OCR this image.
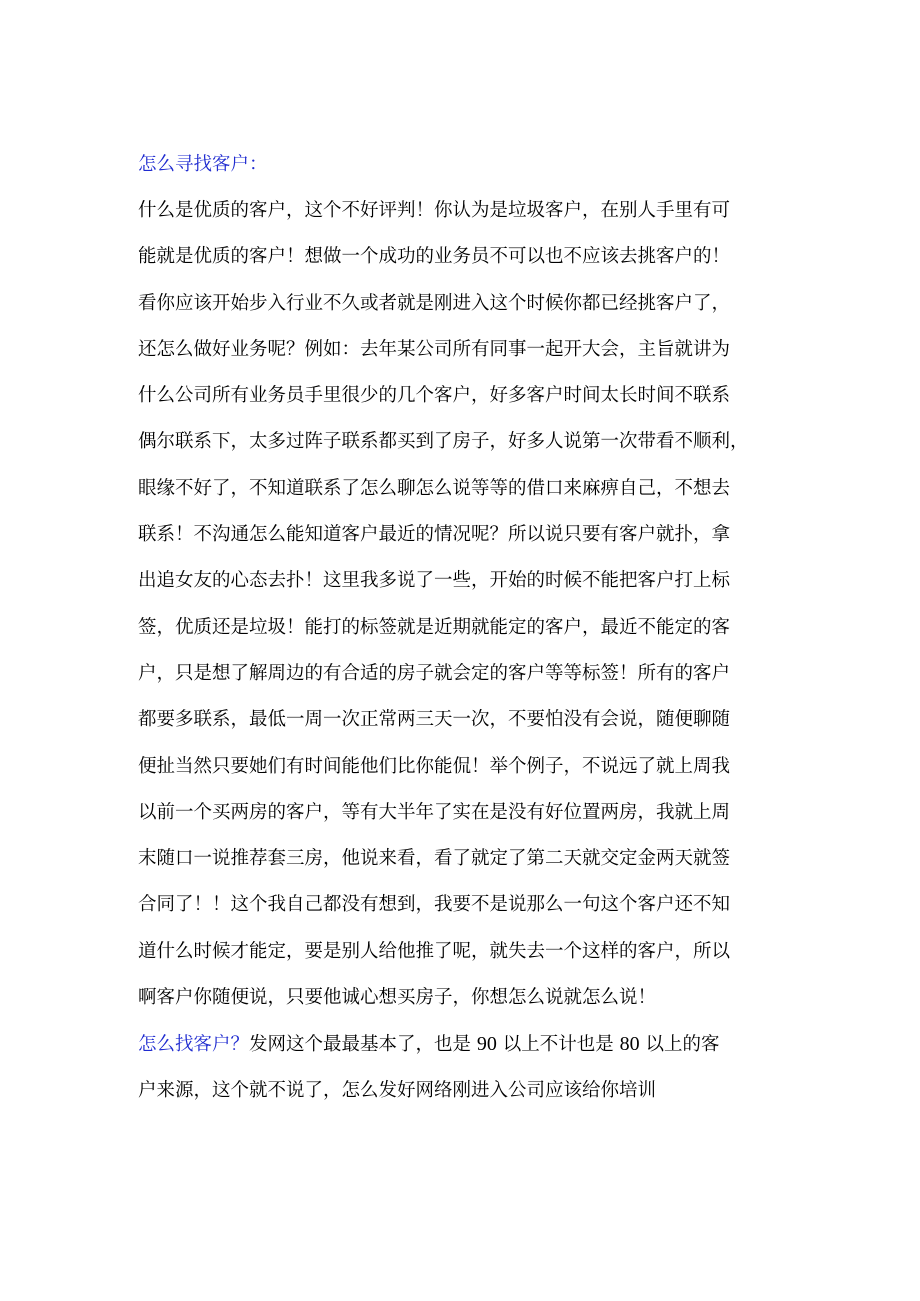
怎么寻找客户：
什么是优质的客户，这个不好评判！你认为是垃圾客户，在别人手里有可
能就是优质的客户！想做一个成功的业务员不可以也不应该去挑客户的！
看你应该开始步入行业不久或者就是刚进入这个时候你都已经挑客户了，
还怎么做好业务呢？例如：去年某公司所有同事一起开大会，主旨就讲为
什么公司所有业务员手里很少的几个客户，好多客户时间太长时间不联系
偶尔联系下，太多过阵子联系都买到了房子，好多人说第一次带看不顺利，
眼缘不好了，不知道联系了怎么聊怎么说等等的借口来麻痹自己，不想去
联系！不沟通怎么能知道客户最近的情况呢？所以说只要有客户就扑，拿
出追女友的心态去扑！这里我多说了一些，开始的时候不能把客户打上标
签，优质还是垃圾！能打的标签就是近期就能定的客户，最近不能定的客
户，只是想了解周边的有合适的房子就会定的客户等等标签！所有的客户
都要多联系，最低一周一次正常两三天一次，不要怕没有会说，随便聊随
便扯当然只要她们有时间能他们比你能侃！举个例子，不说远了就上周我
以前一个买两房的客户，等有大半年了实在是没有好位置两房，我就上周
末随口一说推荐套三房，他说来看，看了就定了第二天就交定金两天就签
合同了！！这个我自己都没有想到，我要不是说那么一句这个客户还不知
道什么时候才能定，要是别人给他推了呢，就失去一个这样的客户，所以
啊客户你随便说，只要他诚心想买房子，你想怎么说就怎么说！
怎么找客户？发网这个最最基本了，也是 90 以上不计也是 80 以上的客
户来源，这个就不说了，怎么发好网络刚进入公司应该给你培训
